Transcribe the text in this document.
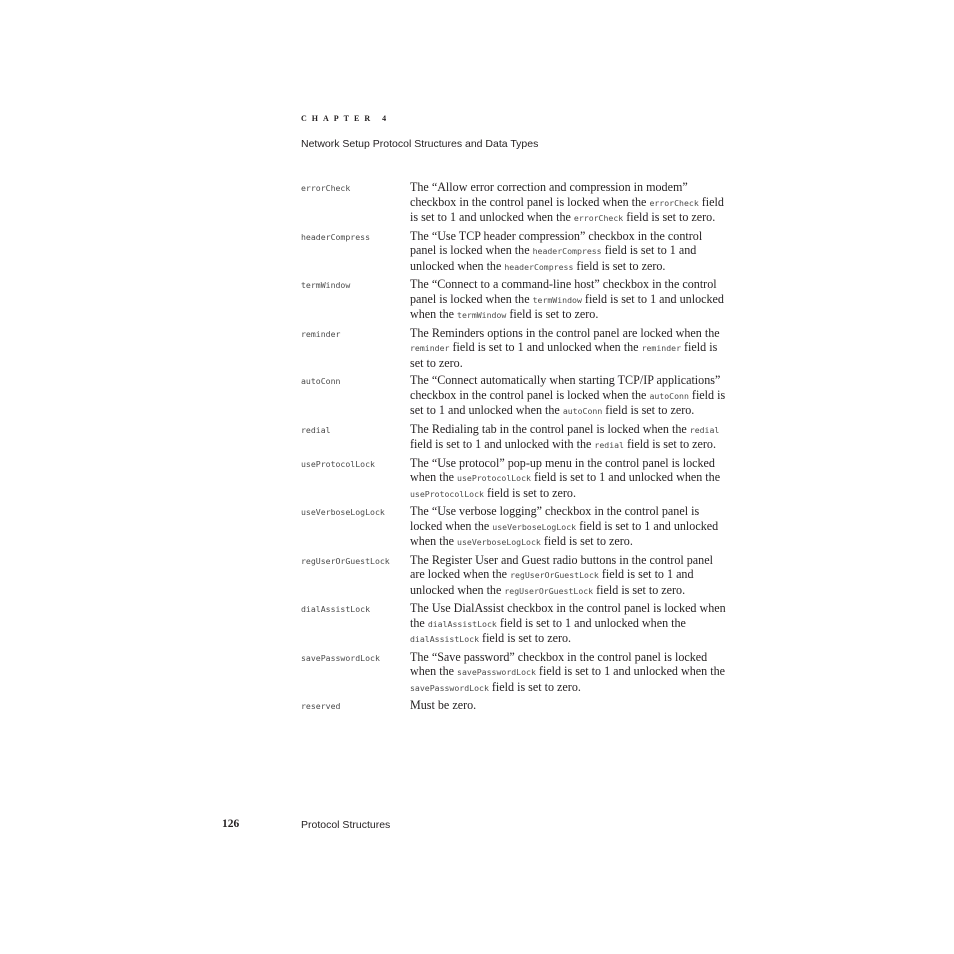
CHAPTER 4
Network Setup Protocol Structures and Data Types
errorCheck	The “Allow error correction and compression in modem” checkbox in the control panel is locked when the errorCheck field is set to 1 and unlocked when the errorCheck field is set to zero.
headerCompress	The “Use TCP header compression” checkbox in the control panel is locked when the headerCompress field is set to 1 and unlocked when the headerCompress field is set to zero.
termWindow	The “Connect to a command-line host” checkbox in the control panel is locked when the termWindow field is set to 1 and unlocked when the termWindow field is set to zero.
reminder	The Reminders options in the control panel are locked when the reminder field is set to 1 and unlocked when the reminder field is set to zero.
autoConn	The “Connect automatically when starting TCP/IP applications” checkbox in the control panel is locked when the autoConn field is set to 1 and unlocked when the autoConn field is set to zero.
redial	The Redialing tab in the control panel is locked when the redial field is set to 1 and unlocked with the redial field is set to zero.
useProtocolLock	The “Use protocol” pop-up menu in the control panel is locked when the useProtocolLock field is set to 1 and unlocked when the useProtocolLock field is set to zero.
useVerboseLogLock	The “Use verbose logging” checkbox in the control panel is locked when the useVerboseLogLock field is set to 1 and unlocked when the useVerboseLogLock field is set to zero.
regUserOrGuestLock	The Register User and Guest radio buttons in the control panel are locked when the regUserOrGuestLock field is set to 1 and unlocked when the regUserOrGuestLock field is set to zero.
dialAssistLock	The Use DialAssist checkbox in the control panel is locked when the dialAssistLock field is set to 1 and unlocked when the dialAssistLock field is set to zero.
savePasswordLock	The “Save password” checkbox in the control panel is locked when the savePasswordLock field is set to 1 and unlocked when the savePasswordLock field is set to zero.
reserved	Must be zero.
126	Protocol Structures
